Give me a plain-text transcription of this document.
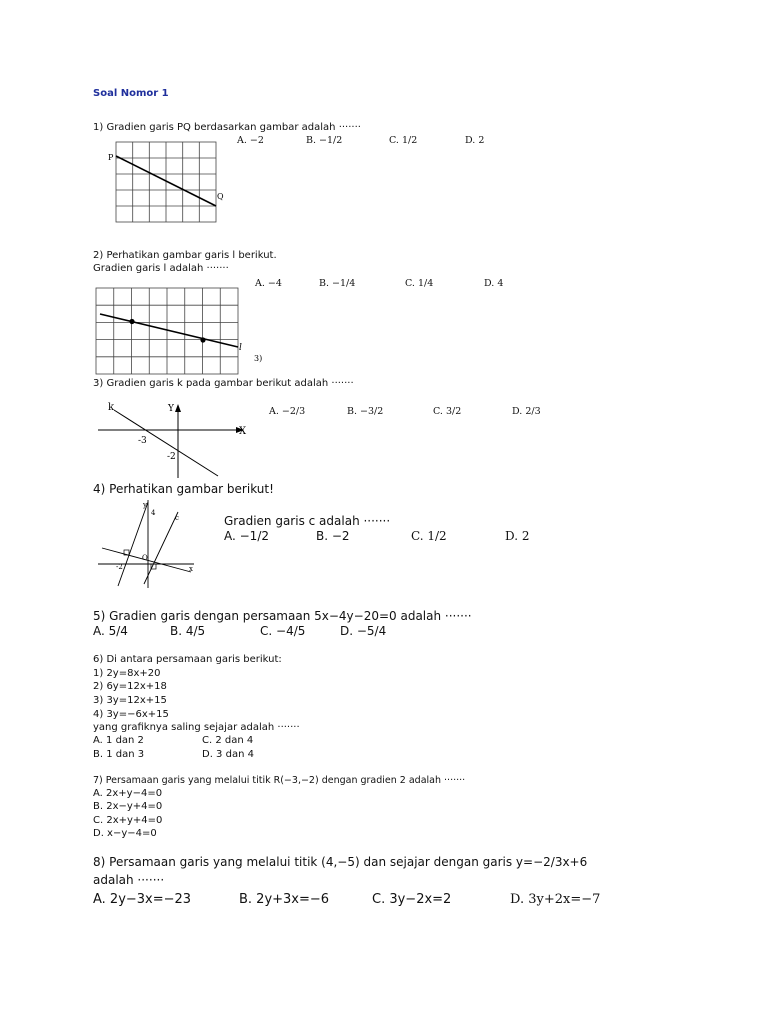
Soal Nomor 1
1) Gradien garis PQ berdasarkan gambar adalah ·······
A. −2	B. −1/2	C. 1/2	D. 2
P
Q
2) Perhatikan gambar garis l berikut.
Gradien garis l adalah ·······
A. −4	B. −1/4	C. 1/4	D. 4
l
3)
3) Gradien garis k pada gambar berikut adalah ·······
A. −2/3	B. −3/2	C. 3/2	D. 2/3
k	Y
X
-3
-2
4) Perhatikan gambar berikut!
Gradien garis c adalah ·······
A. −1/2	B. −2	C. 1/2	D. 2
y
4
c
O
-2	x
5) Gradien garis dengan persamaan 5x−4y−20=0 adalah ·······
A. 5/4	B. 4/5	C. −4/5	D. −5/4
6) Di antara persamaan garis berikut:
1) 2y=8x+20
2) 6y=12x+18
3) 3y=12x+15
4) 3y=−6x+15
yang grafiknya saling sejajar adalah ·······
A. 1 dan 2	C. 2 dan 4
B. 1 dan 3	D. 3 dan 4
7) Persamaan garis yang melalui titik R(−3,−2) dengan gradien 2 adalah ·······
A. 2x+y−4=0
B. 2x−y+4=0
C. 2x+y+4=0
D. x−y−4=0
8) Persamaan garis yang melalui titik (4,−5) dan sejajar dengan garis y=−2/3x+6
adalah ·······
A. 2y−3x=−23	B. 2y+3x=−6	C. 3y−2x=2	D. 3y+2x=−7
